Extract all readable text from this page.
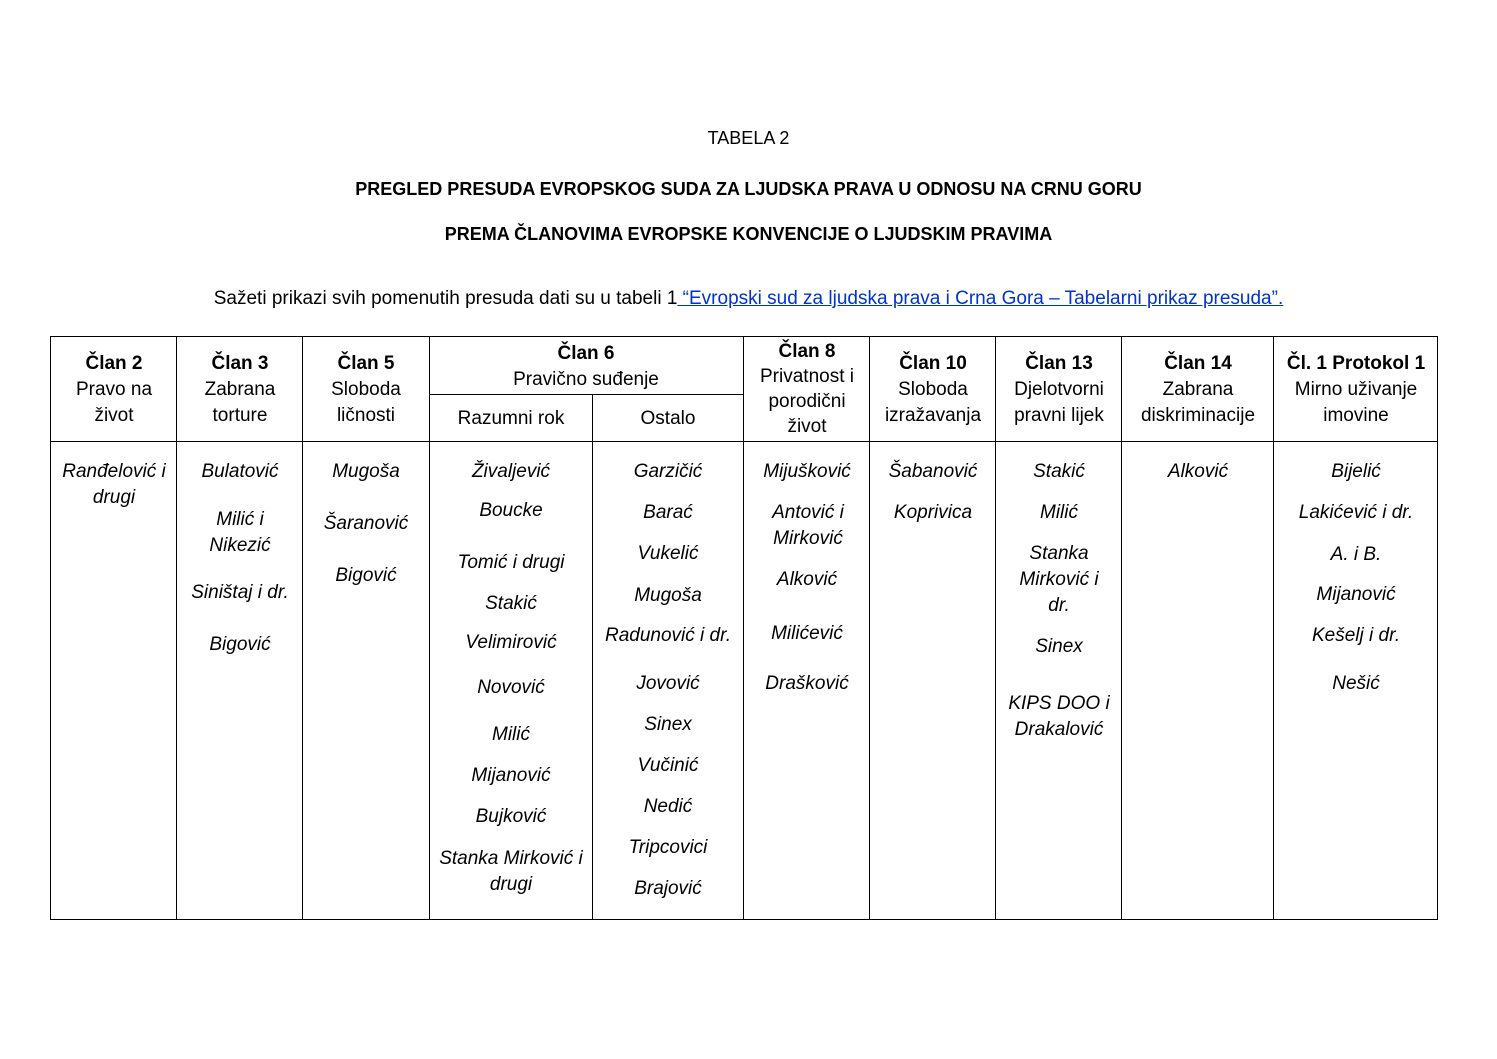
TABELA 2
PREGLED PRESUDA EVROPSKOG SUDA ZA LJUDSKA PRAVA U ODNOSU NA CRNU GORU
PREMA ČLANOVIMA EVROPSKE KONVENCIJE O LJUDSKIM PRAVIMA
Sažeti prikazi svih pomenutih presuda dati su u tabeli 1 “Evropski sud za ljudska prava i Crna Gora – Tabelarni prikaz presuda”.
Član 2
Pravo na život
Član 3
Zabrana torture
Član 5
Sloboda ličnosti
Član 6
Pravično suđenje
Razumni rok	Ostalo
Član 8
Privatnost i porodični život
Član 10
Sloboda izražavanja
Član 13
Djelotvorni pravni lijek
Član 14
Zabrana diskriminacije
Čl. 1 Protokol 1
Mirno uživanje imovine
Ranđelović i drugi
Bulatović
Milić i Nikezić
Siništaj i dr.
Bigović
Mugoša
Šaranović
Bigović
Živaljević
Boucke
Tomić i drugi
Stakić
Velimirović
Novović
Milić
Mijanović
Bujković
Stanka Mirković i drugi
Garzičić
Barać
Vukelić
Mugoša
Radunović i dr.
Jovović
Sinex
Vučinić
Nedić
Tripcovici
Brajović
Mijušković
Antović i Mirković
Alković
Milićević
Drašković
Šabanović
Koprivica
Stakić
Milić
Stanka Mirković i dr.
Sinex
KIPS DOO i Drakalović
Alković	Bijelić
Lakićević i dr.
A. i B.
Mijanović
Kešelj i dr.
Nešić
